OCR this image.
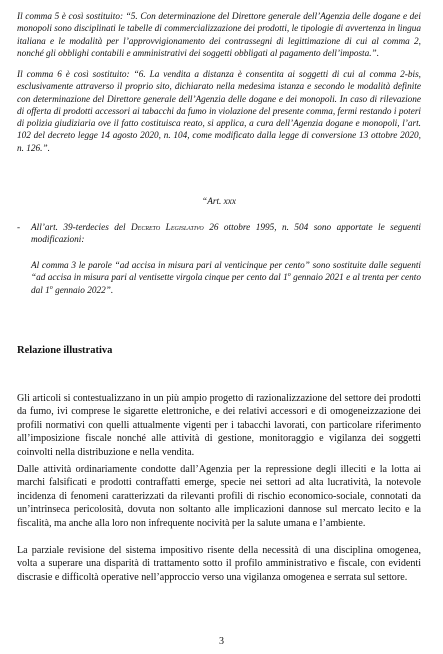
Il comma 5 è così sostituito: “5. Con determinazione del Direttore generale dell’Agenzia delle dogane e dei monopoli sono disciplinati le tabelle di commercializzazione dei prodotti, le tipologie di avvertenza in lingua italiana e le modalità per l’approvvigionamento dei contrassegni di legittimazione di cui al comma 2, nonché gli obblighi contabili e amministrativi dei soggetti obbligati al pagamento dell’imposta.”.

Il comma 6 è così sostituito: “6. La vendita a distanza è consentita ai soggetti di cui al comma 2-bis, esclusivamente attraverso il proprio sito, dichiarato nella medesima istanza e secondo le modalità definite con determinazione del Direttore generale dell’Agenzia delle dogane e dei monopoli. In caso di rilevazione di offerta di prodotti accessori ai tabacchi da fumo in violazione del presente comma, fermi restando i poteri di polizia giudiziaria ove il fatto costituisca reato, si applica, a cura dell’Agenzia dogane e monopoli, l’art. 102 del decreto legge 14 agosto 2020, n. 104, come modificato dalla legge di conversione 13 ottobre 2020, n. 126.”.

“Art. xxx

-	All’art. 39-terdecies del Decreto Legislativo 26 ottobre 1995, n. 504 sono apportate le seguenti modificazioni:

Al comma 3 le parole “ad accisa in misura pari al venticinque per cento” sono sostituite dalle seguenti “ad accisa in misura pari al ventisette virgola cinque per cento dal 1$^o$ gennaio 2021 e al trenta per cento dal 1$^o$ gennaio 2022”.

Relazione illustrativa

Gli articoli si contestualizzano in un più ampio progetto di razionalizzazione del settore dei prodotti da fumo, ivi comprese le sigarette elettroniche, e dei relativi accessori e di omogeneizzazione dei profili normativi con quelli attualmente vigenti per i tabacchi lavorati, con particolare riferimento all’imposizione fiscale nonché alle attività di gestione, monitoraggio e vigilanza dei soggetti coinvolti nella distribuzione e nella vendita.

Dalle attività ordinariamente condotte dall’Agenzia per la repressione degli illeciti e la lotta ai marchi falsificati e prodotti contraffatti emerge, specie nei settori ad alta lucratività, la notevole incidenza di fenomeni caratterizzati da rilevanti profili di rischio economico-sociale, connotati da un’intrinseca pericolosità, dovuta non soltanto alle implicazioni dannose sul mercato lecito e la fiscalità, ma anche alla loro non infrequente nocività per la salute umana e l’ambiente.

La parziale revisione del sistema impositivo risente della necessità di una disciplina omogenea, volta a superare una disparità di trattamento sotto il profilo amministrativo e fiscale, con evidenti discrasie e difficoltà operative nell’approccio verso una vigilanza omogenea e serrata sul settore.

3
